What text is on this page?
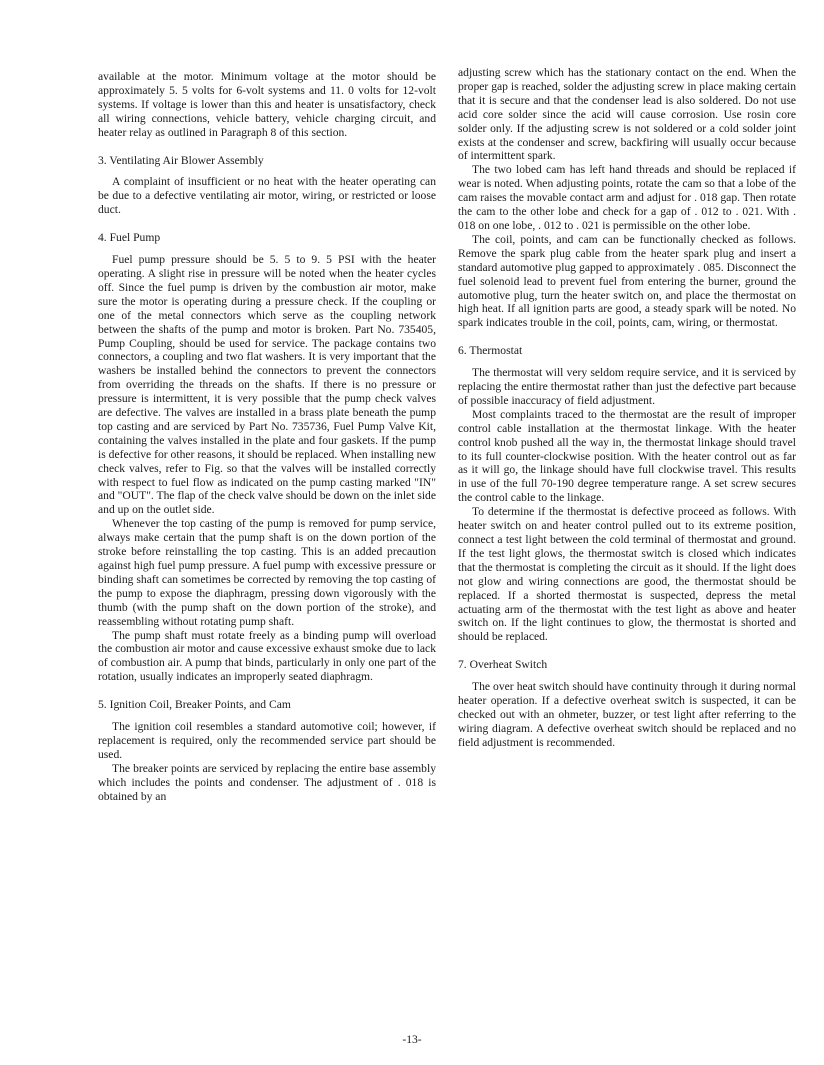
available at the motor. Minimum voltage at the motor should be approximately 5. 5 volts for 6-volt systems and 11. 0 volts for 12-volt systems. If voltage is lower than this and heater is unsatisfactory, check all wiring connections, vehicle battery, vehicle charging circuit, and heater relay as outlined in Paragraph 8 of this section.

3. Ventilating Air Blower Assembly

A complaint of insufficient or no heat with the heater operating can be due to a defective ventilating air motor, wiring, or restricted or loose duct.

4. Fuel Pump

Fuel pump pressure should be 5. 5 to 9. 5 PSI with the heater operating. A slight rise in pressure will be noted when the heater cycles off. Since the fuel pump is driven by the combustion air motor, make sure the motor is operating during a pressure check. If the coupling or one of the metal connectors which serve as the coupling network between the shafts of the pump and motor is broken. Part No. 735405, Pump Coupling, should be used for service. The package contains two connectors, a coupling and two flat washers. It is very important that the washers be installed behind the connectors to prevent the connectors from overriding the threads on the shafts. If there is no pressure or pressure is intermittent, it is very possible that the pump check valves are defective. The valves are installed in a brass plate beneath the pump top casting and are serviced by Part No. 735736, Fuel Pump Valve Kit, containing the valves installed in the plate and four gaskets. If the pump is defective for other reasons, it should be replaced. When installing new check valves, refer to Fig. so that the valves will be installed correctly with respect to fuel flow as indicated on the pump casting marked "IN" and "OUT". The flap of the check valve should be down on the inlet side and up on the outlet side.

Whenever the top casting of the pump is removed for pump service, always make certain that the pump shaft is on the down portion of the stroke before reinstalling the top casting. This is an added precaution against high fuel pump pressure. A fuel pump with excessive pressure or binding shaft can sometimes be corrected by removing the top casting of the pump to expose the diaphragm, pressing down vigorously with the thumb (with the pump shaft on the down portion of the stroke), and reassembling without rotating pump shaft.

The pump shaft must rotate freely as a binding pump will overload the combustion air motor and cause excessive exhaust smoke due to lack of combustion air. A pump that binds, particularly in only one part of the rotation, usually indicates an improperly seated diaphragm.

5. Ignition Coil, Breaker Points, and Cam

The ignition coil resembles a standard automotive coil; however, if replacement is required, only the recommended service part should be used.

The breaker points are serviced by replacing the entire base assembly which includes the points and condenser. The adjustment of . 018 is obtained by an

adjusting screw which has the stationary contact on the end. When the proper gap is reached, solder the adjusting screw in place making certain that it is secure and that the condenser lead is also soldered. Do not use acid core solder since the acid will cause corrosion. Use rosin core solder only. If the adjusting screw is not soldered or a cold solder joint exists at the condenser and screw, backfiring will usually occur because of intermittent spark.

The two lobed cam has left hand threads and should be replaced if wear is noted. When adjusting points, rotate the cam so that a lobe of the cam raises the movable contact arm and adjust for . 018 gap. Then rotate the cam to the other lobe and check for a gap of . 012 to . 021. With . 018 on one lobe, . 012 to . 021 is permissible on the other lobe.

The coil, points, and cam can be functionally checked as follows. Remove the spark plug cable from the heater spark plug and insert a standard automotive plug gapped to approximately . 085. Disconnect the fuel solenoid lead to prevent fuel from entering the burner, ground the automotive plug, turn the heater switch on, and place the thermostat on high heat. If all ignition parts are good, a steady spark will be noted. No spark indicates trouble in the coil, points, cam, wiring, or thermostat.

6. Thermostat

The thermostat will very seldom require service, and it is serviced by replacing the entire thermostat rather than just the defective part because of possible inaccuracy of field adjustment.

Most complaints traced to the thermostat are the result of improper control cable installation at the thermostat linkage. With the heater control knob pushed all the way in, the thermostat linkage should travel to its full counter-clockwise position. With the heater control out as far as it will go, the linkage should have full clockwise travel. This results in use of the full 70-190 degree temperature range. A set screw secures the control cable to the linkage.

To determine if the thermostat is defective proceed as follows. With heater switch on and heater control pulled out to its extreme position, connect a test light between the cold terminal of thermostat and ground. If the test light glows, the thermostat switch is closed which indicates that the thermostat is completing the circuit as it should. If the light does not glow and wiring connections are good, the thermostat should be replaced. If a shorted thermostat is suspected, depress the metal actuating arm of the thermostat with the test light as above and heater switch on. If the light continues to glow, the thermostat is shorted and should be replaced.

7. Overheat Switch

The over heat switch should have continuity through it during normal heater operation. If a defective overheat switch is suspected, it can be checked out with an ohmeter, buzzer, or test light after referring to the wiring diagram. A defective overheat switch should be replaced and no field adjustment is recommended.

-13-
